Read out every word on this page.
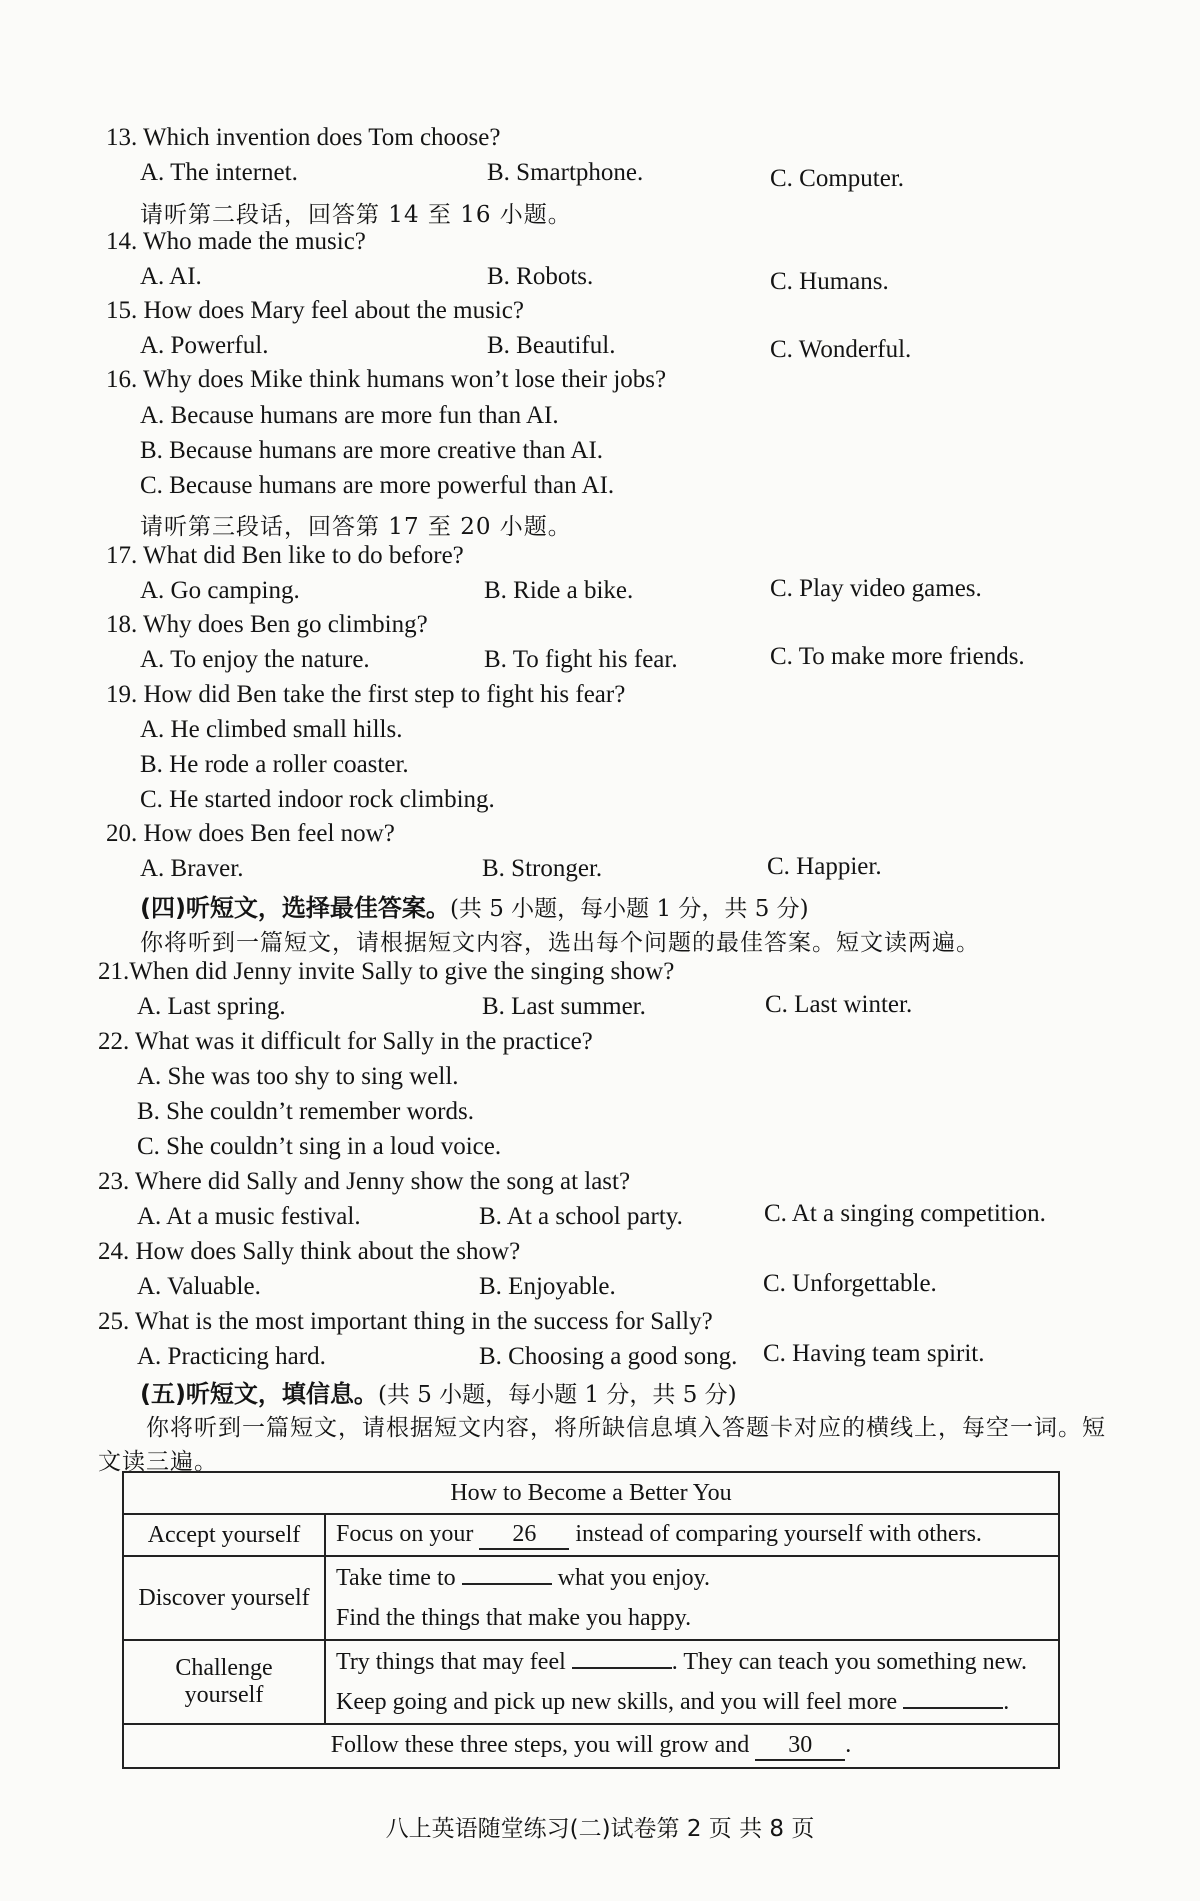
13. Which invention does Tom choose?
A. The internet.	B. Smartphone.	C. Computer.
请听第二段话，回答第 14 至 16 小题。
14. Who made the music?
A. AI.	B. Robots.	C. Humans.
15. How does Mary feel about the music?
A. Powerful.	B. Beautiful.	C. Wonderful.
16. Why does Mike think humans won’t lose their jobs?
A. Because humans are more fun than AI.
B. Because humans are more creative than AI.
C. Because humans are more powerful than AI.
请听第三段话，回答第 17 至 20 小题。
17. What did Ben like to do before?
A. Go camping.	B. Ride a bike.	C. Play video games.
18. Why does Ben go climbing?
A. To enjoy the nature.	B. To fight his fear.	C. To make more friends.
19. How did Ben take the first step to fight his fear?
A. He climbed small hills.
B. He rode a roller coaster.
C. He started indoor rock climbing.
20. How does Ben feel now?
A. Braver.	B. Stronger.	C. Happier.
(四)听短文，选择最佳答案。(共 5 小题，每小题 1 分，共 5 分)
你将听到一篇短文，请根据短文内容，选出每个问题的最佳答案。短文读两遍。
21.When did Jenny invite Sally to give the singing show?
A. Last spring.	B. Last summer.	C. Last winter.
22. What was it difficult for Sally in the practice?
A. She was too shy to sing well.
B. She couldn’t remember words.
C. She couldn’t sing in a loud voice.
23. Where did Sally and Jenny show the song at last?
A. At a music festival.	B. At a school party.	C. At a singing competition.
24. How does Sally think about the show?
A. Valuable.	B. Enjoyable.	C. Unforgettable.
25. What is the most important thing in the success for Sally?
A. Practicing hard.	B. Choosing a good song. C. Having team spirit.
(五)听短文，填信息。(共 5 小题，每小题 1 分，共 5 分)
你将听到一篇短文，请根据短文内容，将所缺信息填入答题卡对应的横线上，每空一词。短
文读三遍。
How to Become a Better You	
Accept yourself	Focus on your 26 instead of comparing yourself with others.
Discover yourself	Take time to what you enjoy.
Find the things that make you happy.

Challenge yourself	Try things that may feel . They can teach you something new.
Keep going and pick up new skills, and you will feel more .

Follow these three steps, you will grow and 30 .	
八上英语随堂练习(二)试卷第 2 页 共 8 页
